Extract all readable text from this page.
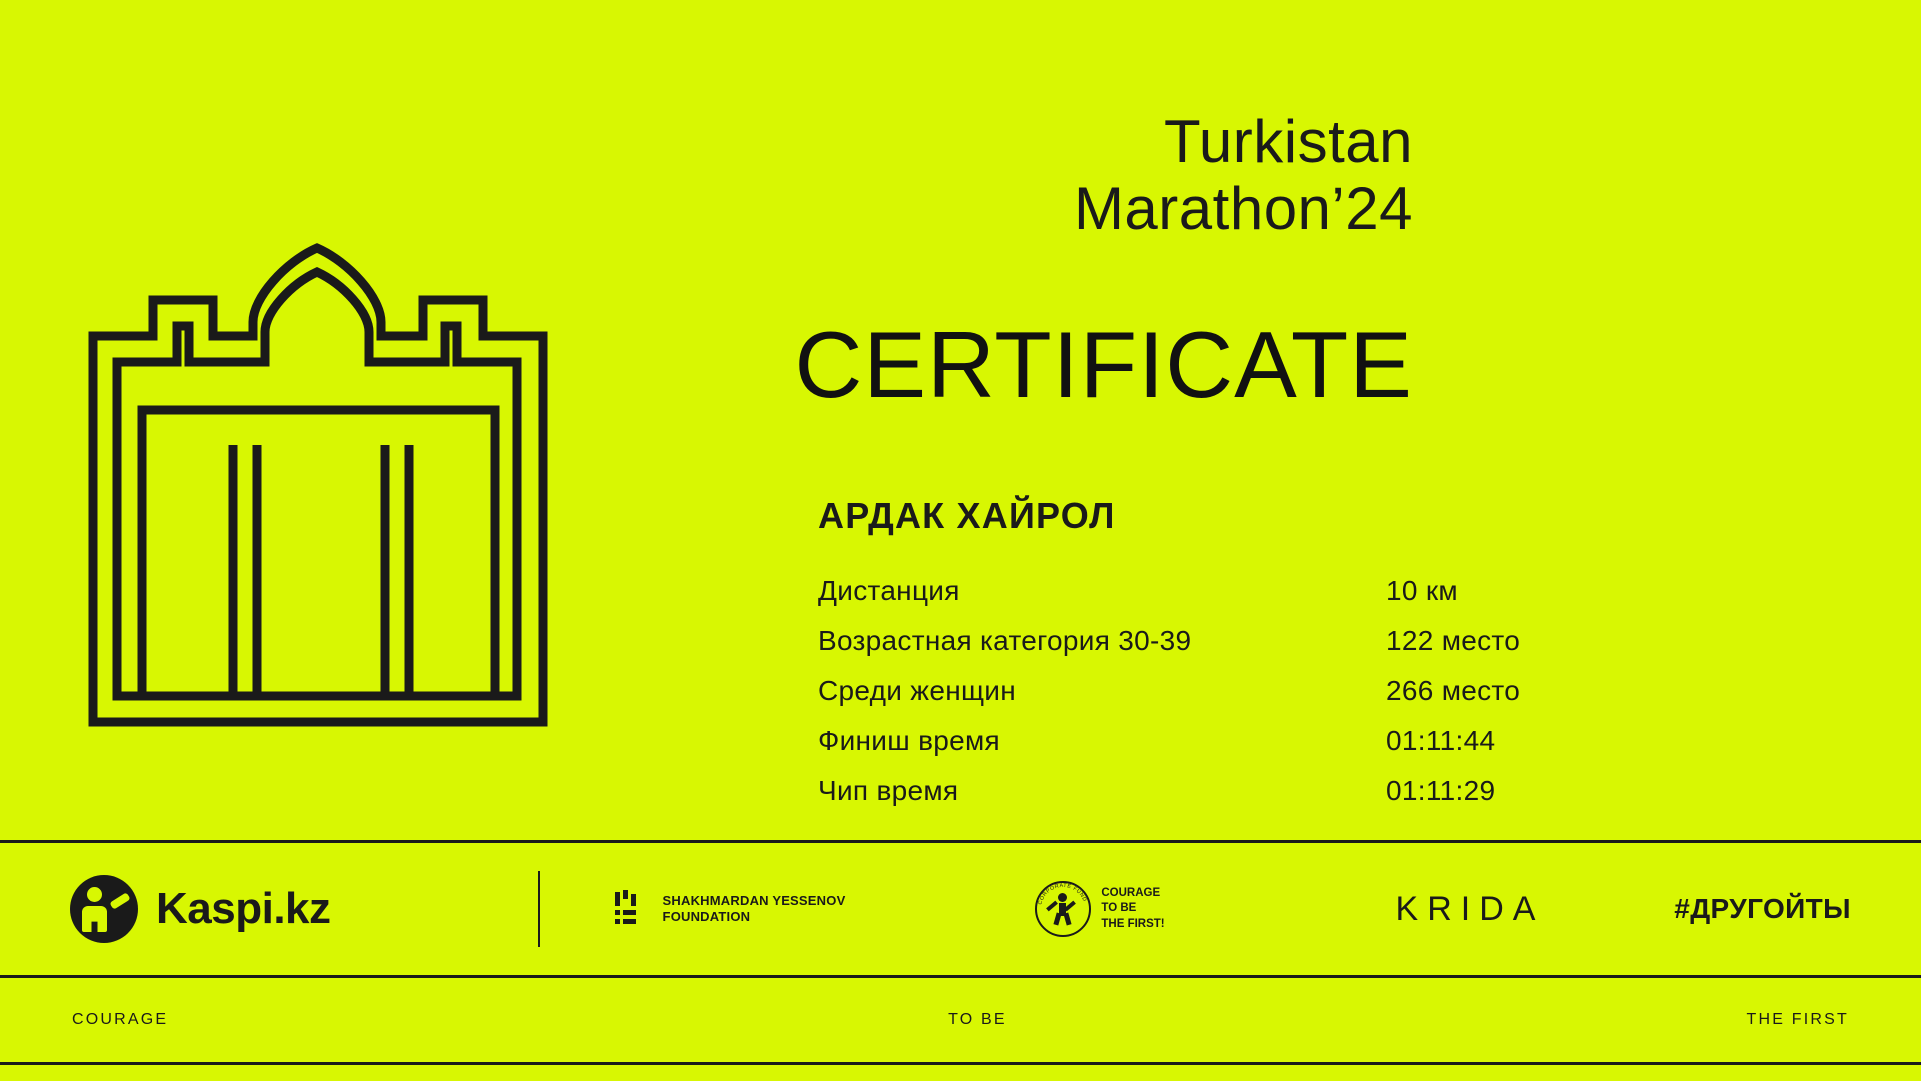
Turkistan
Marathon’24
CERTIFICATE
АРДАК ХАЙРОЛ
Дистанция	10 км
Возрастная категория 30-39	122 место
Среди женщин	266 место
Финиш время	01:11:44
Чип время	01:11:29
Kaspi.kz	SHAKHMARDAN YESSENOV
FOUNDATION
CORPORATE FUND
COURAGE
TO BE
THE FIRST!	KRIDA	#ДРУГОЙТЫ
COURAGE	TO BE	THE FIRST
